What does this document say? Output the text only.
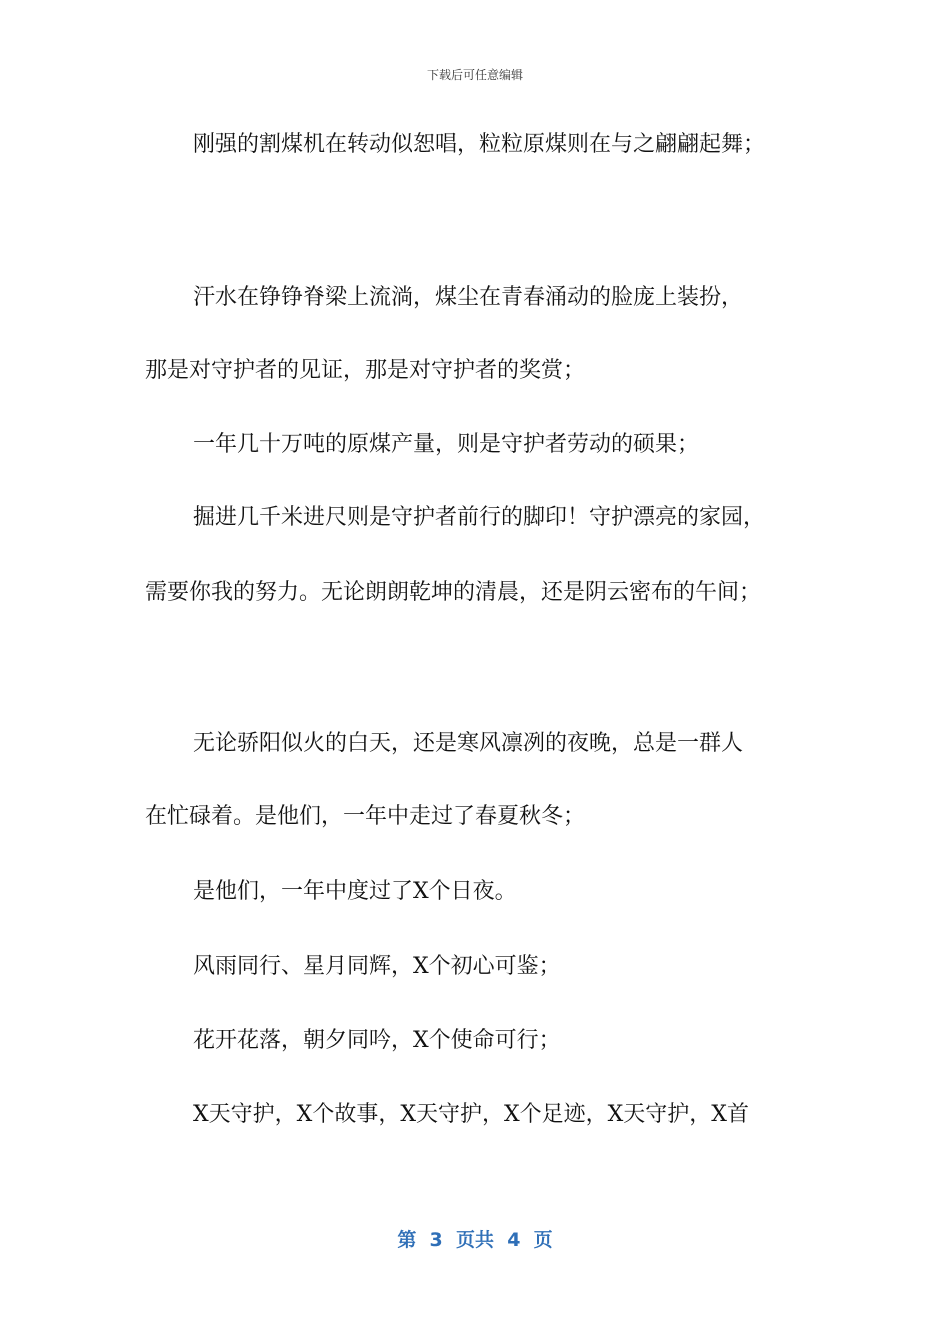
下载后可任意编辑
刚强的割煤机在转动似恕唱，粒粒原煤则在与之翩翩起舞；
汗水在铮铮脊梁上流淌，煤尘在青春涌动的脸庞上装扮，
那是对守护者的见证，那是对守护者的奖赏；
一年几十万吨的原煤产量，则是守护者劳动的硕果；
掘进几千米进尺则是守护者前行的脚印！守护漂亮的家园，
需要你我的努力。无论朗朗乾坤的清晨，还是阴云密布的午间；
无论骄阳似火的白天，还是寒风凛冽的夜晚，总是一群人
在忙碌着。是他们，一年中走过了春夏秋冬；
是他们，一年中度过了X个日夜。
风雨同行、星月同辉，X个初心可鉴；
花开花落，朝夕同吟，X个使命可行；
X天守护，X个故事，X天守护，X个足迹，X天守护，X首
第  3  页共  4  页
